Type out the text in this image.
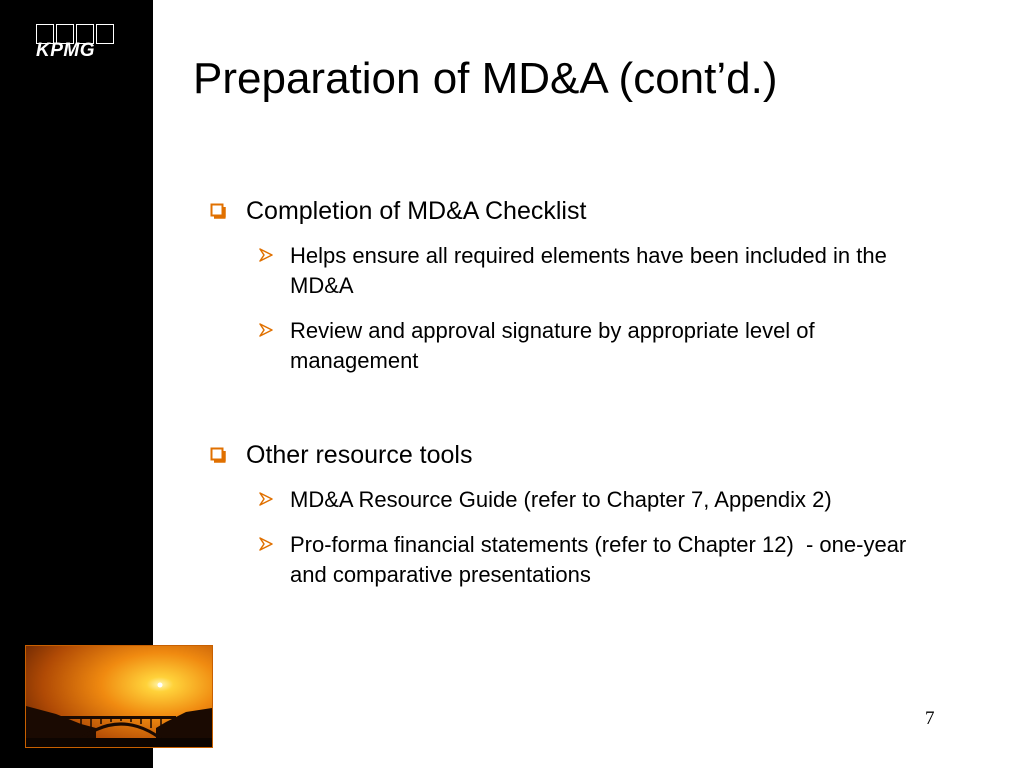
KPMG
Preparation of MD&A (cont’d.)
Completion of MD&A Checklist
Helps ensure all required elements have been included in the MD&A
Review and approval signature by appropriate level of management
Other resource tools
MD&A Resource Guide (refer to Chapter 7, Appendix 2)
Pro-forma financial statements (refer to Chapter 12)  - one-year and comparative presentations
7
